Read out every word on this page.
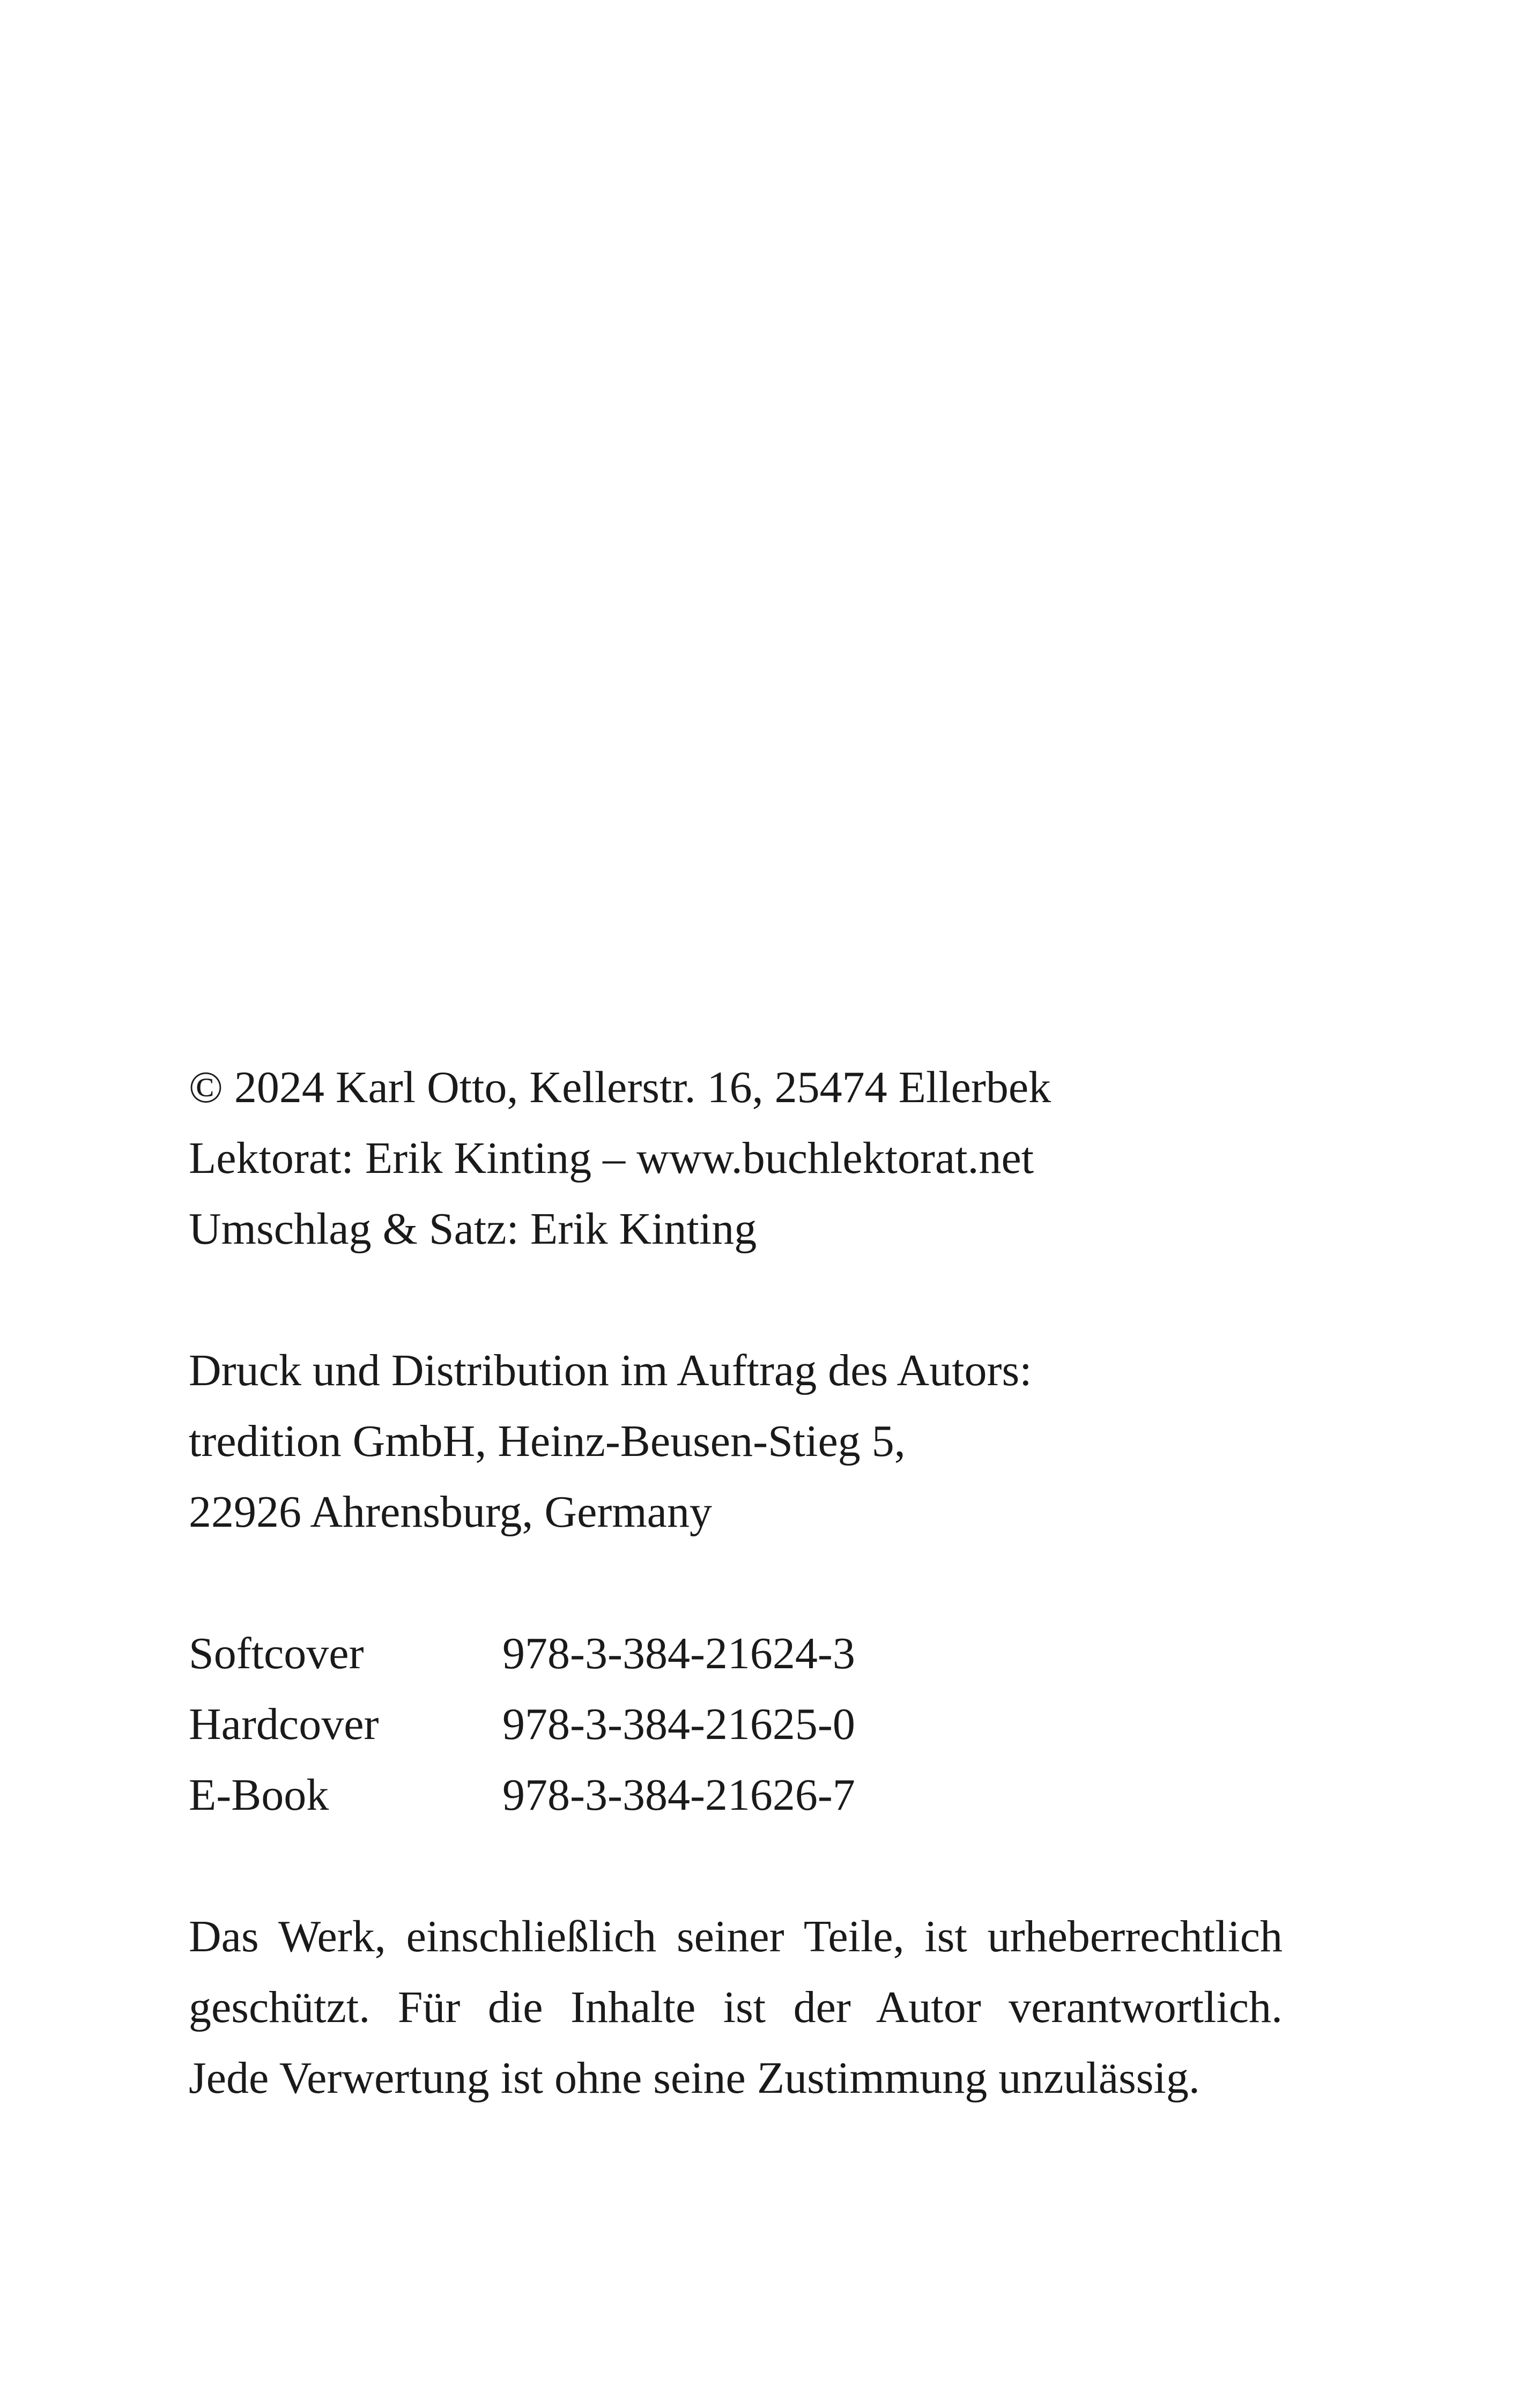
© 2024 Karl Otto, Kellerstr. 16, 25474 Ellerbek
Lektorat: Erik Kinting – www.buchlektorat.net
Umschlag & Satz: Erik Kinting
Druck und Distribution im Auftrag des Autors:
tredition GmbH, Heinz-Beusen-Stieg 5,
22926 Ahrensburg, Germany
Softcover	978-3-384-21624-3
Hardcover	978-3-384-21625-0
E-Book	978-3-384-21626-7
Das Werk, einschließlich seiner Teile, ist urheberrechtlich
geschützt. Für die Inhalte ist der Autor verantwortlich.
Jede Verwertung ist ohne seine Zustimmung unzulässig.
